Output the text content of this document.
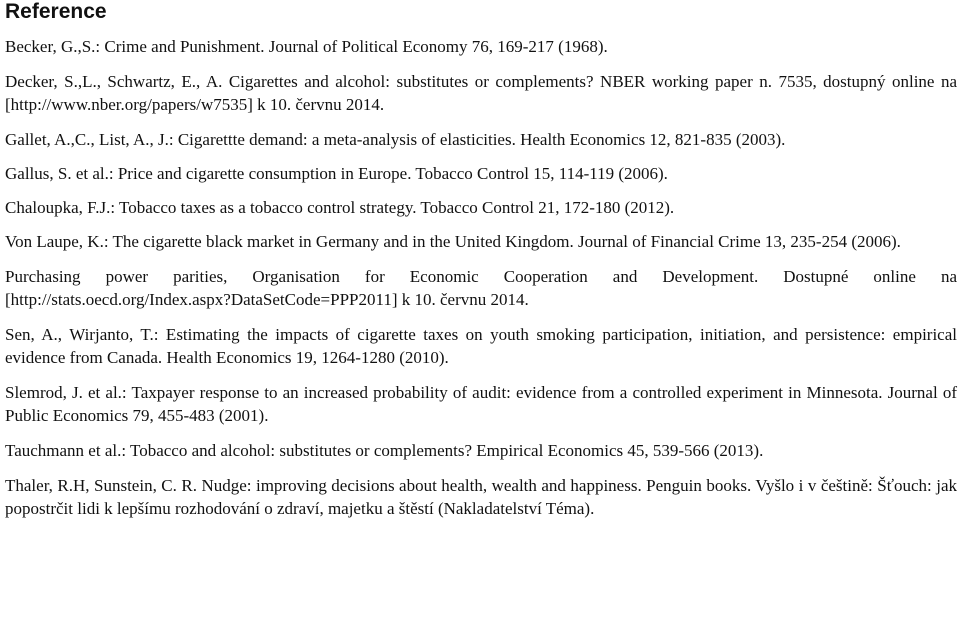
Reference

Becker, G.,S.: Crime and Punishment. Journal of Political Economy 76, 169-217 (1968).

Decker, S.,L., Schwartz, E., A. Cigarettes and alcohol: substitutes or complements? NBER working paper n. 7535, dostupný online na [http://www.nber.org/papers/w7535] k 10. červnu 2014.

Gallet, A.,C., List, A., J.: Cigarettte demand: a meta-analysis of elasticities. Health Economics 12, 821-835 (2003).

Gallus, S. et al.: Price and cigarette consumption in Europe. Tobacco Control 15, 114-119 (2006).

Chaloupka, F.J.: Tobacco taxes as a tobacco control strategy. Tobacco Control 21, 172-180 (2012).

Von Laupe, K.: The cigarette black market in Germany and in the United Kingdom. Journal of Financial Crime 13, 235-254 (2006).

Purchasing power parities, Organisation for Economic Cooperation and Development. Dostupné online na [http://stats.oecd.org/Index.aspx?DataSetCode=PPP2011] k 10. červnu 2014.

Sen, A., Wirjanto, T.: Estimating the impacts of cigarette taxes on youth smoking participation, initiation, and persistence: empirical evidence from Canada. Health Economics 19, 1264-1280 (2010).

Slemrod, J. et al.: Taxpayer response to an increased probability of audit: evidence from a controlled experiment in Minnesota. Journal of Public Economics 79, 455-483 (2001).

Tauchmann et al.: Tobacco and alcohol: substitutes or complements? Empirical Economics 45, 539-566 (2013).

Thaler, R.H, Sunstein, C. R. Nudge: improving decisions about health, wealth and happiness. Penguin books. Vyšlo i v češtině: Šťouch: jak popostrčit lidi k lepšímu rozhodování o zdraví, majetku a štěstí (Nakladatelství Téma).
